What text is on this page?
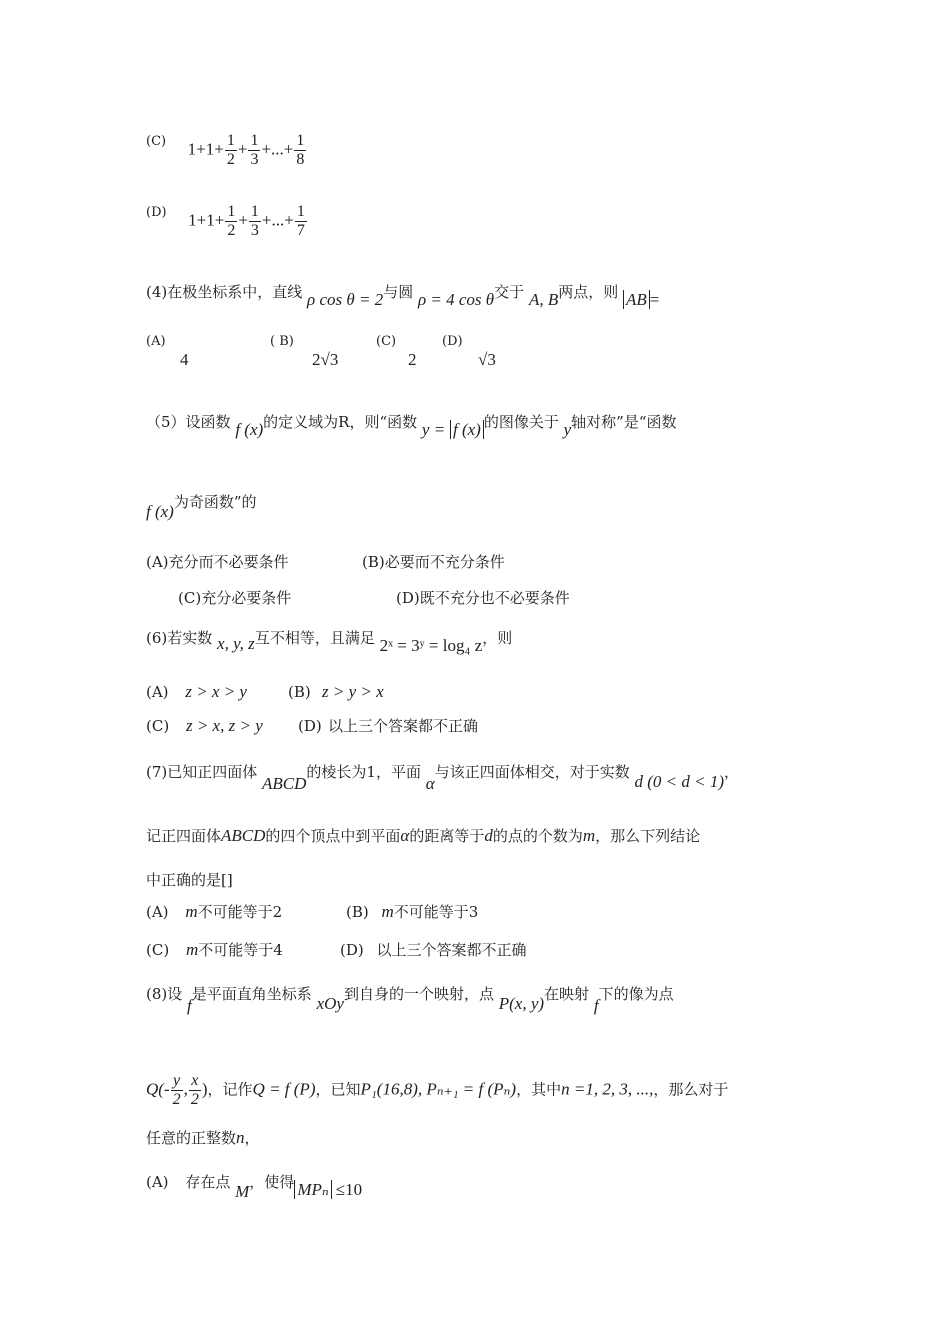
(C) $1+1+ \frac{1}{2} + \frac{1}{3}$ +...+ $\frac{1}{8}$
(D) $1+1+ \frac{1}{2} + \frac{1}{3}$ +...+ $\frac{1}{7}$
(4)在极坐标系中，直线 ρ cos θ = 2与圆 ρ = 4 cos θ交于 A, B两点，则 AB =
(A)
4
( B)
2√3
(C)
2
(D)
√3
（5）设函数 f (x)的定义域为R，则“函数 y = f (x) 的图像关于 y轴对称”是“函数
f (x)为奇函数”的
(A)充分而不必要条件	(B)必要而不充分条件
(C)充分必要条件	(D)既不充分也不必要条件
(6)若实数 x, y, z互不相等，且满足 2ˣ = 3ʸ = log₄ z，则
(A) z > x > y	(B) z > y > x
(C) z > x, z > y (D) 以上三个答案都不正确
(7)已知正四面体 ABCD的棱长为1，平面 α与该正四面体相交，对于实数 d (0 < d < 1)，
记正四面体ABCD的四个顶点中到平面α的距离等于d的点的个数为m，那么下列结论
中正确的是[]
(A) m不可能等于2	(B) m不可能等于3
(C) m不可能等于4	(D) 以上三个答案都不正确
(8)设 f是平面直角坐标系 xOy到自身的一个映射，点 P(x, y)在映射 f下的像为点
$Q(- \frac{y}{2}$ , $\frac{x}{2}$ )，记作Q = f (P)，已知P₁(16,8), Pₙ₊₁ = f (Pₙ)，其中n =1, 2, 3, ...,，那么对于
任意的正整数n，
(A) 存在点 M，使得 MPₙ ≤10
